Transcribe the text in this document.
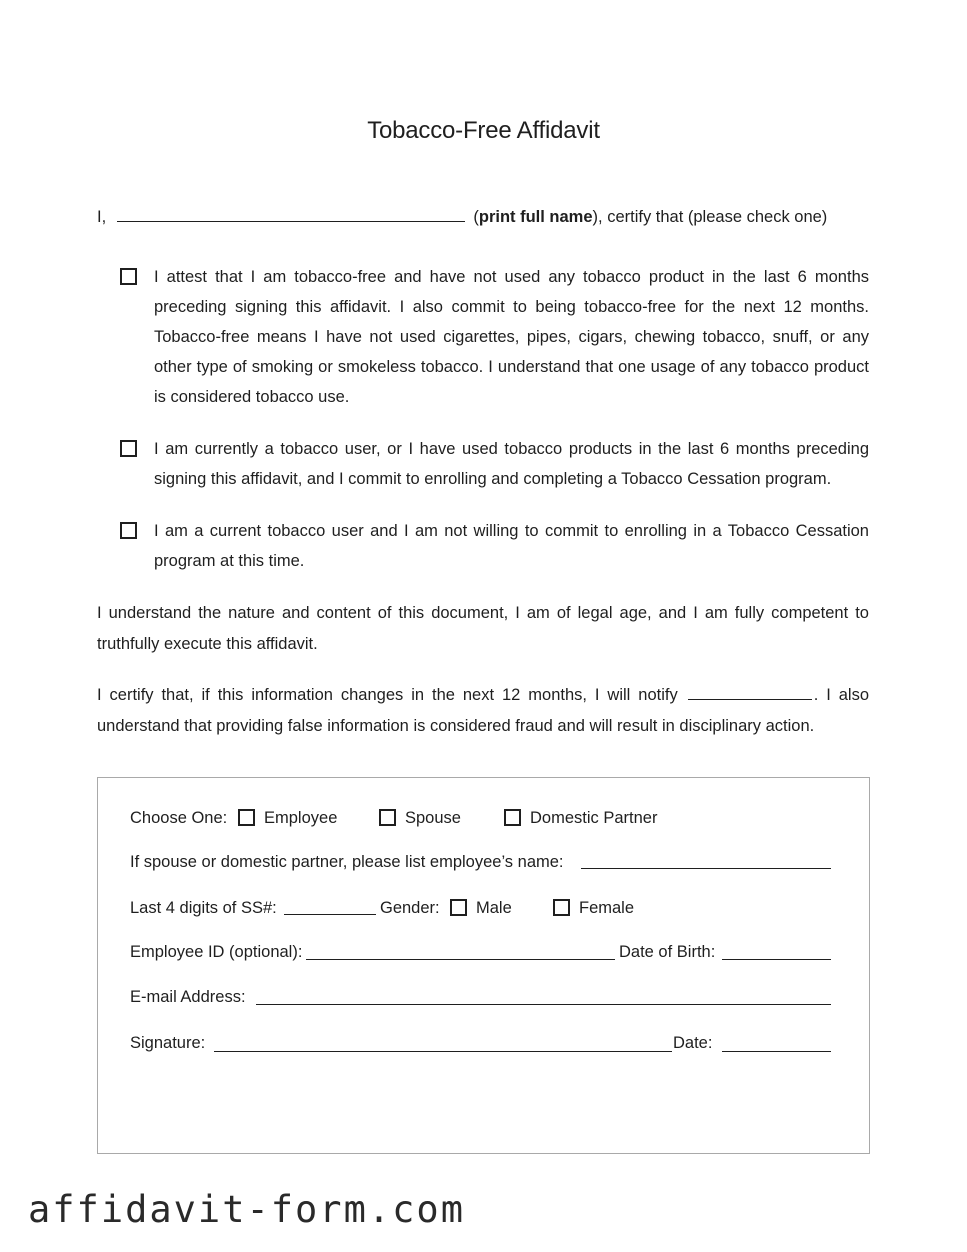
Tobacco-Free Affidavit
I,	(print full name), certify that (please check one)
I attest that I am tobacco-free and have not used any tobacco product in the last 6 months preceding signing this affidavit. I also commit to being tobacco-free for the next 12 months. Tobacco-free means I have not used cigarettes, pipes, cigars, chewing tobacco, snuff, or any other type of smoking or smokeless tobacco. I understand that one usage of any tobacco product is considered tobacco use.
I am currently a tobacco user, or I have used tobacco products in the last 6 months preceding signing this affidavit, and I commit to enrolling and completing a Tobacco Cessation program.
I am a current tobacco user and I am not willing to commit to enrolling in a Tobacco Cessation program at this time.
I understand the nature and content of this document, I am of legal age, and I am fully competent to truthfully execute this affidavit.
I certify that, if this information changes in the next 12 months, I will notify	. I also understand that providing false information is considered fraud and will result in disciplinary action.
Choose One: Employee	Spouse	Domestic Partner
If spouse or domestic partner, please list employee’s name:
Last 4 digits of SS#:	Gender: Male	Female
Employee ID (optional):	Date of Birth:
E-mail Address:
Signature:	Date:
affidavit-form.com
